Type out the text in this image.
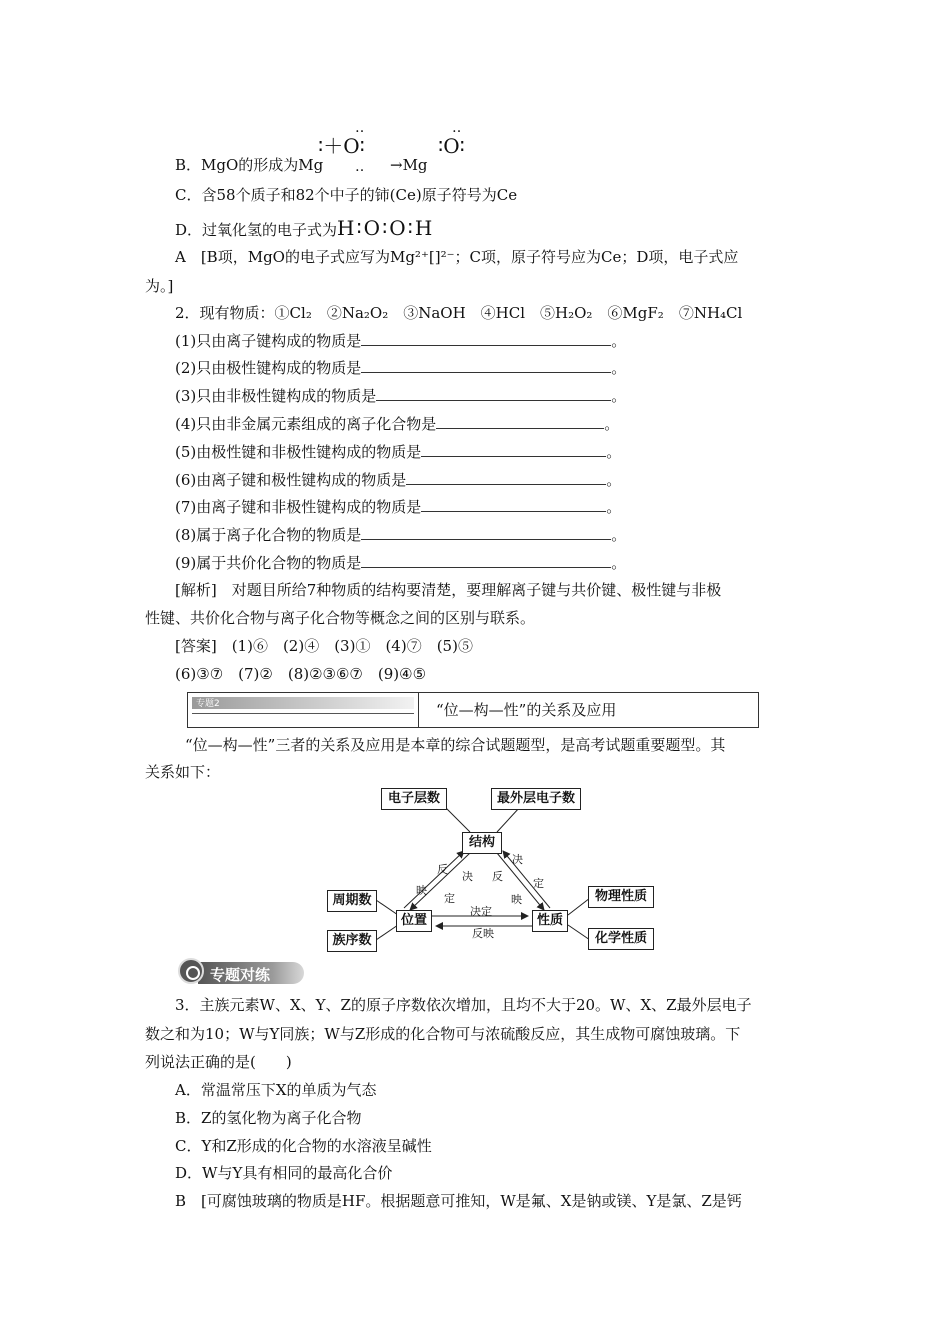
B．MgO的形成为Mg
‥	‥
‥
∶＋O∶
→Mg
∶O∶
C．含58个质子和82个中子的铈(Ce)原子符号为Ce
D．过氧化氢的电子式为H∶O∶O∶H
A　[B项，MgO的电子式应写为Mg²⁺[]²⁻；C项，原子符号应为Ce；D项，电子式应
为。]
2．现有物质：①Cl₂　②Na₂O₂　③NaOH　④HCl　⑤H₂O₂　⑥MgF₂　⑦NH₄Cl
(1)只由离子键构成的物质是	。
(2)只由极性键构成的物质是	。
(3)只由非极性键构成的物质是	。
(4)只由非金属元素组成的离子化合物是	。
(5)由极性键和非极性键构成的物质是	。
(6)由离子键和极性键构成的物质是	。
(7)由离子键和非极性键构成的物质是	。
(8)属于离子化合物的物质是	。
(9)属于共价化合物的物质是	。
[解析]　对题目所给7种物质的结构要清楚，要理解离子键与共价键、极性键与非极
性键、共价化合物与离子化合物等概念之间的区别与联系。
[答案]　(1)⑥　(2)④　(3)①　(4)⑦　(5)⑤
(6)③⑦　(7)②　(8)②③⑥⑦　(9)④⑤
专题2	“位—构—性”的关系及应用
“位—构—性”三者的关系及应用是本章的综合试题题型，是高考试题重要题型。其
关系如下：
电子层数	最外层电子数
结构
周期数
族序数
位置	性质
物理性质
化学性质
反
映
决
定
决
反
定
映
决定
反映
专题对练
3．主族元素W、X、Y、Z的原子序数依次增加，且均不大于20。W、X、Z最外层电子
数之和为10；W与Y同族；W与Z形成的化合物可与浓硫酸反应，其生成物可腐蚀玻璃。下
列说法正确的是(　　)
A．常温常压下X的单质为气态
B．Z的氢化物为离子化合物
C．Y和Z形成的化合物的水溶液呈碱性
D．W与Y具有相同的最高化合价
B　[可腐蚀玻璃的物质是HF。根据题意可推知，W是氟、X是钠或镁、Y是氯、Z是钙
